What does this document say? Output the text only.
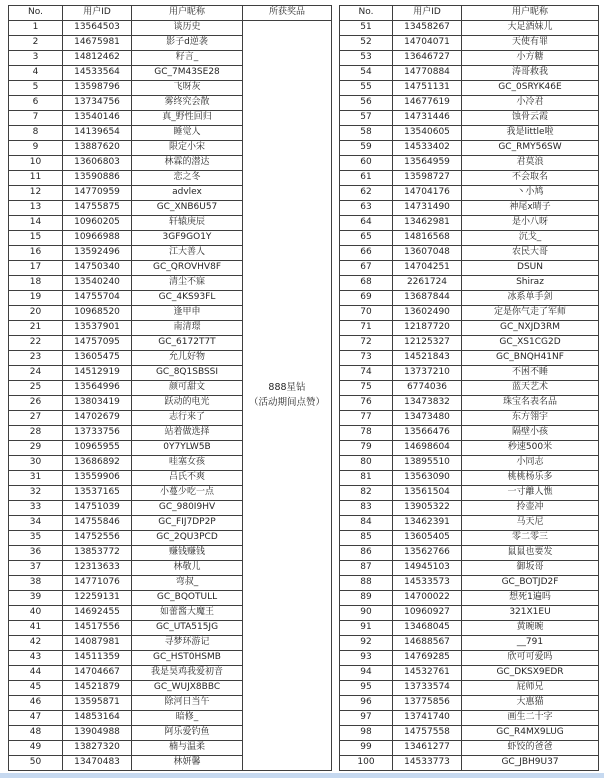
No.	用户ID	用户昵称	所获奖品
1	13564503	谈历史	888星钻
（活动期间点赞）

2	14675981	影子d逆袭	
3	14812462	籽言_	
4	14533564	GC_7M43SE28	
5	13598796	飞呀灰	
6	13734756	雾终究会散	
7	13540146	真_野性回归	
8	14139654	睡觉人	
9	13887620	限定小宋	
10	13606803	林霖的潜达	
11	13590886	恋之冬	
12	14770959	advlex	
13	14755875	GC_XNB6U57	
14	10960205	轩辕庚辰	
15	10966988	3GF9GO1Y	
16	13592496	江大善人	
17	14750340	GC_QROVHV8F	
18	13540240	清尘不寐	
19	14755704	GC_4KS93FL	
20	10968520	逢甲申	
21	13537901	南清璟	
22	14757095	GC_6172T7T	
23	13605475	允儿好物	
24	14512919	GC_8Q1SBSSI	
25	13564996	颜可甜文	
26	13803419	跃动的电光	
27	14702679	志行来了	
28	13733756	站着做选择	
29	10965955	0Y7YLW5B	
30	13686892	哇塞女孩	
31	13559906	吕氏不爽	
32	13537165	小蔓少吃一点	
33	14751039	GC_980I9HV	
34	14755846	GC_FIJ7DP2P	
35	14752556	GC_2QU3PCD	
36	13853772	赚钱赚钱	
37	12313633	林敬儿	
38	14771076	弯叔_	
39	12259131	GC_BQOTULL	
40	14692455	如蕾酱大魔王	
41	14517556	GC_UTA515JG	
42	14087981	寻梦环游记	
43	14511359	GC_HST0HSMB	
44	14704667	我是昊鸡我爱初音	
45	14521879	GC_WUJX8BBC	
46	13595871	除河日当午	
47	14853164	暗修_	
48	13904988	阿乐爱钓鱼	
49	13827320	楠与温柔	
50	13470483	林妍馨	
No.	用户ID	用户昵称
51	13458267	大足酒妹儿
52	14704071	天使有罪
53	13646727	小方糖
54	14770884	涛哥救我
55	14751131	GC_0SRYK46E
56	14677619	小冷君
57	14731446	蚀骨云霞
58	13540605	我是little啦
59	14533402	GC_RMY56SW
60	13564959	君莫浪
61	13598727	不会取名
62	14704176	丶小鸠
63	14731490	神尾x晴子
64	13462981	是小八呀
65	14816568	沉戈_
66	13607048	农民大哥
67	14704251	DSUN
68	2261724	Shiraz
69	13687844	冰系单手剑
70	13602490	定是你气走了军师
71	12187720	GC_NXJD3RM
72	12125327	GC_XS1CG2D
73	14521843	GC_BNQH41NF
74	13737210	不困不睡
75	6774036	蓝天艺术
76	13473832	珠宝名表名品
77	13473480	东方翎宇
78	13566476	隔壁小孩
79	14698604	秒速500米
80	13895510	小同志
81	13563090	桃桃杨乐多
82	13561504	一寸離人憔
83	13905322	拎壶冲
84	13462391	马天尼
85	13605405	零二零三
86	13562766	鼠鼠也要发
87	14945103	御坂哥
88	14533573	GC_BOTJD2F
89	14700022	想死1遍吗
90	10960927	321X1EU
91	13468045	黄晼晼
92	14688567	__791
93	14769285	欣可可爱吗
94	14532761	GC_DKSX9EDR
95	13733574	屁师兄
96	13775856	大惠猫
97	13741740	画生二十字
98	14757558	GC_R4MX9LUG
99	13461277	虾饺的爸爸
100	14533773	GC_JBH9U37
